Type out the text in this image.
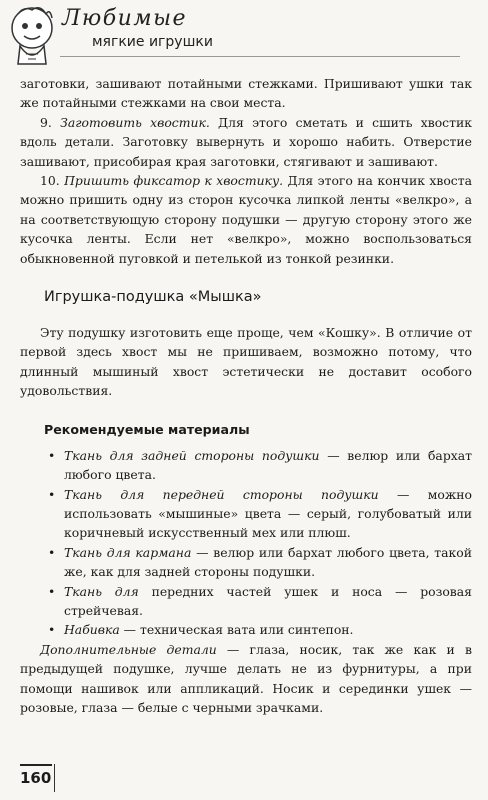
Любимые
мягкие игрушки

заготовки, зашивают потайными стежками. Пришивают ушки так же потайными стежками на свои места.

9. Заготовить хвостик. Для этого сметать и сшить хвостик вдоль детали. Заготовку вывернуть и хорошо набить. Отверстие зашивают, присобирая края заготовки, стягивают и зашивают.

10. Пришить фиксатор к хвостику. Для этого на кончик хвоста можно пришить одну из сторон кусочка липкой ленты «велкро», а на соответствующую сторону подушки — другую сторону этого же кусочка ленты. Если нет «велкро», можно воспользоваться обыкновенной пуговкой и петелькой из тонкой резинки.

Игрушка-подушка «Мышка»

Эту подушку изготовить еще проще, чем «Кошку». В отличие от первой здесь хвост мы не пришиваем, возможно потому, что длинный мышиный хвост эстетически не доставит особого удовольствия.

Рекомендуемые материалы
• Ткань для задней стороны подушки — велюр или бархат любого цвета.
• Ткань для передней стороны подушки — можно использовать «мышиные» цвета — серый, голубоватый или коричневый искусственный мех или плюш.
• Ткань для кармана — велюр или бархат любого цвета, такой же, как для задней стороны подушки.
• Ткань для передних частей ушек и носа — розовая стрейчевая.
• Набивка — техническая вата или синтепон.

Дополнительные детали — глаза, носик, так же как и в предыдущей подушке, лучше делать не из фурнитуры, а при помощи нашивок или аппликаций. Носик и серединки ушек — розовые, глаза — белые с черными зрачками.

160
